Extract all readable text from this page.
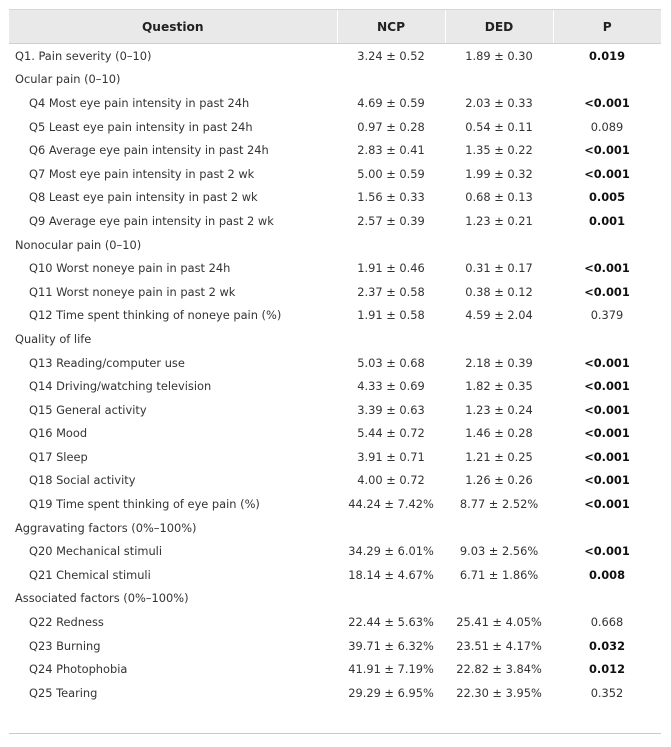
Question	NCP	DED	P
Q1. Pain severity (0–10)	3.24 ± 0.52	1.89 ± 0.30	0.019
Ocular pain (0–10)			
Q4 Most eye pain intensity in past 24h	4.69 ± 0.59	2.03 ± 0.33	<0.001
Q5 Least eye pain intensity in past 24h	0.97 ± 0.28	0.54 ± 0.11	0.089
Q6 Average eye pain intensity in past 24h	2.83 ± 0.41	1.35 ± 0.22	<0.001
Q7 Most eye pain intensity in past 2 wk	5.00 ± 0.59	1.99 ± 0.32	<0.001
Q8 Least eye pain intensity in past 2 wk	1.56 ± 0.33	0.68 ± 0.13	0.005
Q9 Average eye pain intensity in past 2 wk	2.57 ± 0.39	1.23 ± 0.21	0.001
Nonocular pain (0–10)			
Q10 Worst noneye pain in past 24h	1.91 ± 0.46	0.31 ± 0.17	<0.001
Q11 Worst noneye pain in past 2 wk	2.37 ± 0.58	0.38 ± 0.12	<0.001
Q12 Time spent thinking of noneye pain (%)	1.91 ± 0.58	4.59 ± 2.04	0.379
Quality of life			
Q13 Reading/computer use	5.03 ± 0.68	2.18 ± 0.39	<0.001
Q14 Driving/watching television	4.33 ± 0.69	1.82 ± 0.35	<0.001
Q15 General activity	3.39 ± 0.63	1.23 ± 0.24	<0.001
Q16 Mood	5.44 ± 0.72	1.46 ± 0.28	<0.001
Q17 Sleep	3.91 ± 0.71	1.21 ± 0.25	<0.001
Q18 Social activity	4.00 ± 0.72	1.26 ± 0.26	<0.001
Q19 Time spent thinking of eye pain (%)	44.24 ± 7.42%	8.77 ± 2.52%	<0.001
Aggravating factors (0%–100%)			
Q20 Mechanical stimuli	34.29 ± 6.01%	9.03 ± 2.56%	<0.001
Q21 Chemical stimuli	18.14 ± 4.67%	6.71 ± 1.86%	0.008
Associated factors (0%–100%)			
Q22 Redness	22.44 ± 5.63%	25.41 ± 4.05%	0.668
Q23 Burning	39.71 ± 6.32%	23.51 ± 4.17%	0.032
Q24 Photophobia	41.91 ± 7.19%	22.82 ± 3.84%	0.012
Q25 Tearing	29.29 ± 6.95%	22.30 ± 3.95%	0.352
